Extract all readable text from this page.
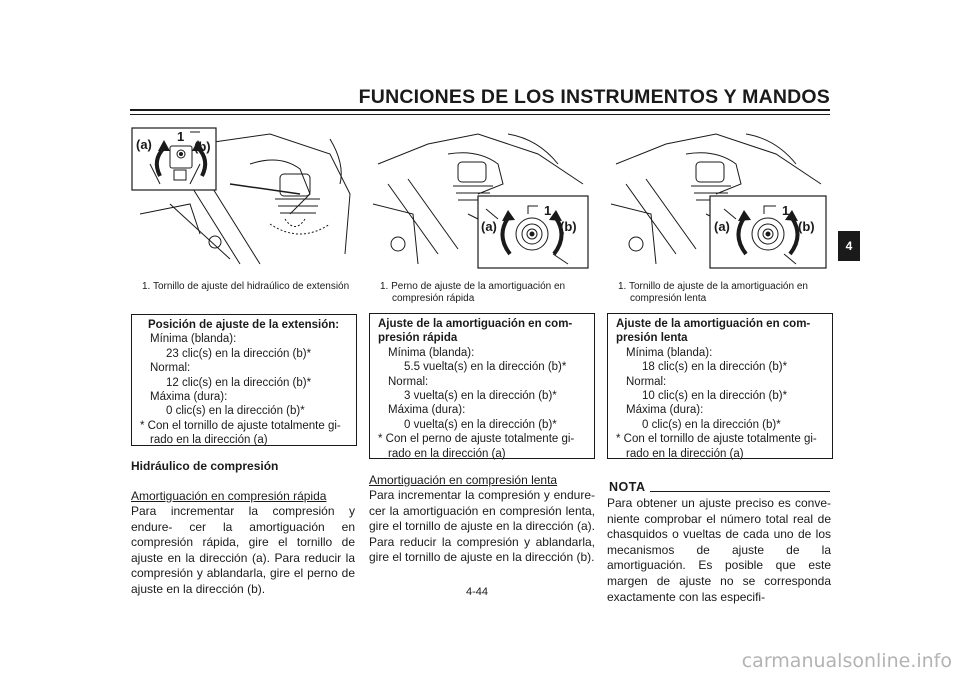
FUNCIONES DE LOS INSTRUMENTOS Y MANDOS
4
(a)	(b)
1
(a)	(b)
1
(a)	(b)
1
1. Tornillo de ajuste del hidraúlico de extensión	1. Perno de ajuste de la amortiguación en compresión rápida
1. Tornillo de ajuste de la amortiguación en compresión lenta
Posición de ajuste de la extensión:
Mínima (blanda):
23 clic(s) en la dirección (b)*
Normal:
12 clic(s) en la dirección (b)*
Máxima (dura):
0 clic(s) en la dirección (b)*
* Con el tornillo de ajuste totalmente gi-
rado en la dirección (a)
Ajuste de la amortiguación en com-
presión rápida
Mínima (blanda):
5.5 vuelta(s) en la dirección (b)*
Normal:
3 vuelta(s) en la dirección (b)*
Máxima (dura):
0 vuelta(s) en la dirección (b)*
* Con el perno de ajuste totalmente gi-
rado en la dirección (a)
Ajuste de la amortiguación en com-
presión lenta
Mínima (blanda):
18 clic(s) en la dirección (b)*
Normal:
10 clic(s) en la dirección (b)*
Máxima (dura):
0 clic(s) en la dirección (b)*
* Con el tornillo de ajuste totalmente gi-
rado en la dirección (a)
Hidráulico de compresión
Amortiguación en compresión rápida
Para incrementar la compresión y endure- cer la amortiguación en compresión rápida, gire el tornillo de ajuste en la dirección (a). Para reducir la compresión y ablandarla, gire el perno de ajuste en la dirección (b).
Amortiguación en compresión lenta
Para incrementar la compresión y endure- cer la amortiguación en compresión lenta, gire el tornillo de ajuste en la dirección (a). Para reducir la compresión y ablandarla, gire el tornillo de ajuste en la dirección (b).
NOTA
Para obtener un ajuste preciso es conve- niente comprobar el número total real de chasquidos o vueltas de cada uno de los mecanismos de ajuste de la amortiguación. Es posible que este margen de ajuste no se corresponda exactamente con las especifi-
4-44
carmanualsonline.info
